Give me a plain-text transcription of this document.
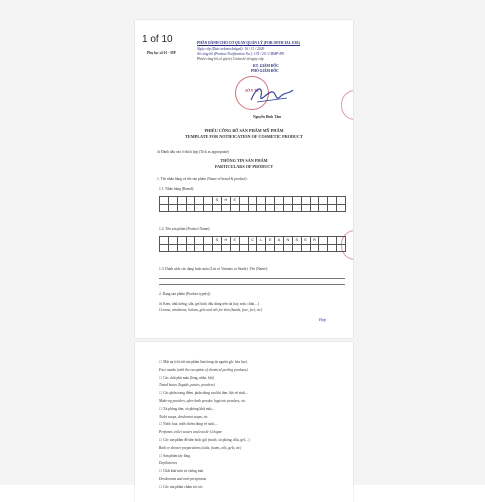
Phụ lục số 01 - MP
PHẦN DÀNH CHO CƠ QUAN QUẢN LÝ (FOR OFFICIAL USE)
Ngày cấp (Date acknowledged): 16 / 11 / 2020
Số công bố (Product Notification No.): 135 / 20 / CBMP-BN
Phiếu công bố có giá trị 5 năm kể từ ngày cấp
KT. GIÁM ĐỐC
PHÓ GIÁM ĐỐC
SỞ Y TẾ
Nguyễn Đình Tâm
PHIẾU CÔNG BỐ SẢN PHẨM MỸ PHẨM
TEMPLATE FOR NOTIFICATION OF COSMETIC PRODUCT
☒ Đánh dấu vào ô thích hợp (Tick as appropriate)
THÔNG TIN SẢN PHẨM
PARTICULARS OF PRODUCT
1. Tên nhãn hàng và tên sản phẩm (Name of brand & product):
1.1. Nhãn hàng (Brand):
S	H	E
1.2. Tên sản phẩm (Product Name):
S	H	E	C	L	E	A	N	S	E	R
1.3. Danh sách các dạng hoặc màu (List of Variants or Shade). Tên (Name):
2. Dạng sản phẩm (Product type(s))
☒ Kem, nhũ tương, sữa, gel hoặc dầu dùng trên da (tay, mặt, chân,...)
Creams, emulsions, lotions, gels and oils for skin (hands, face, feet, etc)
Hợp
1 of 10
☐ Mặt nạ (chỉ trừ sản phẩm làm bong da nguồn gốc hóa học)
Face masks (with the exception of chemical peeling products)
☐ Các chất phủ màu (lỏng, nhão, bột)
Tinted bases (liquids, pastes, powders)
☐ Các phấn trang điểm, phấn dùng sau khi tắm, bột vệ sinh,...
Make-up powders, after-bath powder, hygienic powders, etc.
☐ Xà phòng tắm, xà phòng khử mùi,...
Toilet soaps, deodorant soaps, etc
☐ Nước hoa, nước thơm dùng vệ sinh,...
Perfumes, toilet waters and eau de Cologne
☐ Các sản phẩm để tắm hoặc gội (muối, xà phòng, dầu, gel,...)
Bath or shower preparations (salts, foams, oils, gels, etc)
☐ Sản phẩm tẩy lông
Depilatories
☐ Chất khử mùi và chống mùi
Deodorants and anti-perspirants
☐ Các sản phẩm chăm sóc tóc
